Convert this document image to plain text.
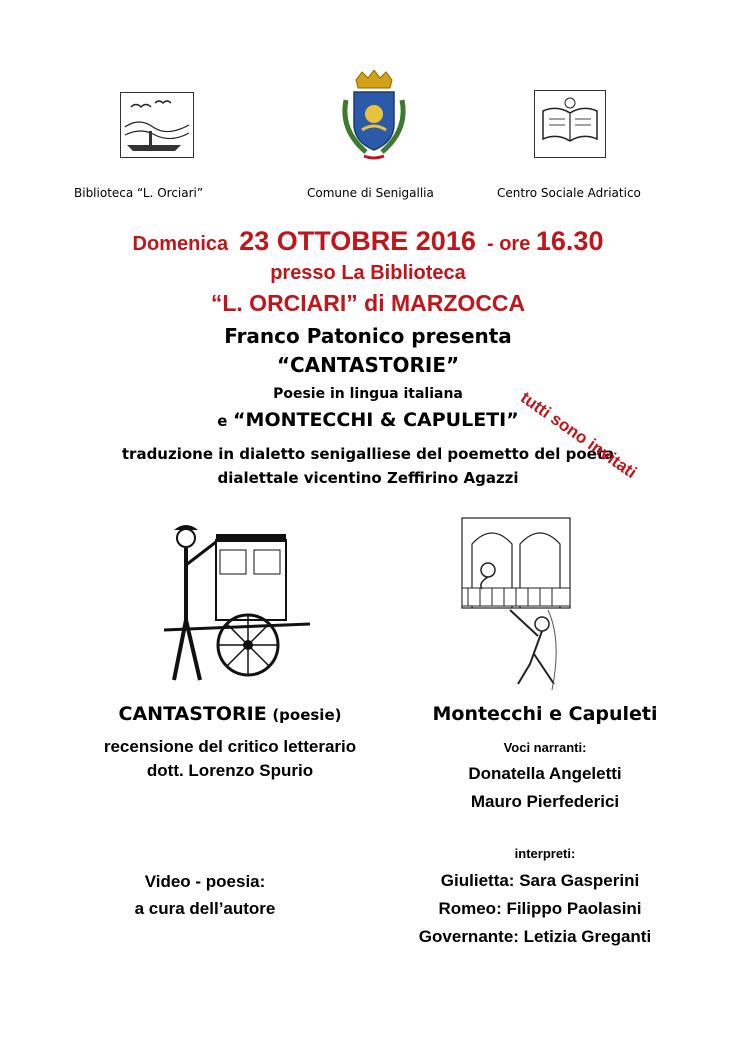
Biblioteca “L. Orciari”	Comune di Senigallia	Centro Sociale Adriatico
Domenica 23 OTTOBRE 2016 - ore 16.30
presso La Biblioteca
“L. ORCIARI” di MARZOCCA
Franco Patonico presenta
“CANTASTORIE”
Poesie in lingua italiana
e “MONTECCHI & CAPULETI”
traduzione in dialetto senigalliese del poemetto del poeta
dialettale vicentino Zeffirino Agazzi
tutti sono invitati
CANTASTORIE (poesie)
recensione del critico letterario
dott. Lorenzo Spurio
Video - poesia:
a cura dell’autore
Montecchi e Capuleti
Voci narranti:
Donatella Angeletti
Mauro Pierfederici
interpreti:
Giulietta: Sara Gasperini
Romeo: Filippo Paolasini
Governante: Letizia Greganti
